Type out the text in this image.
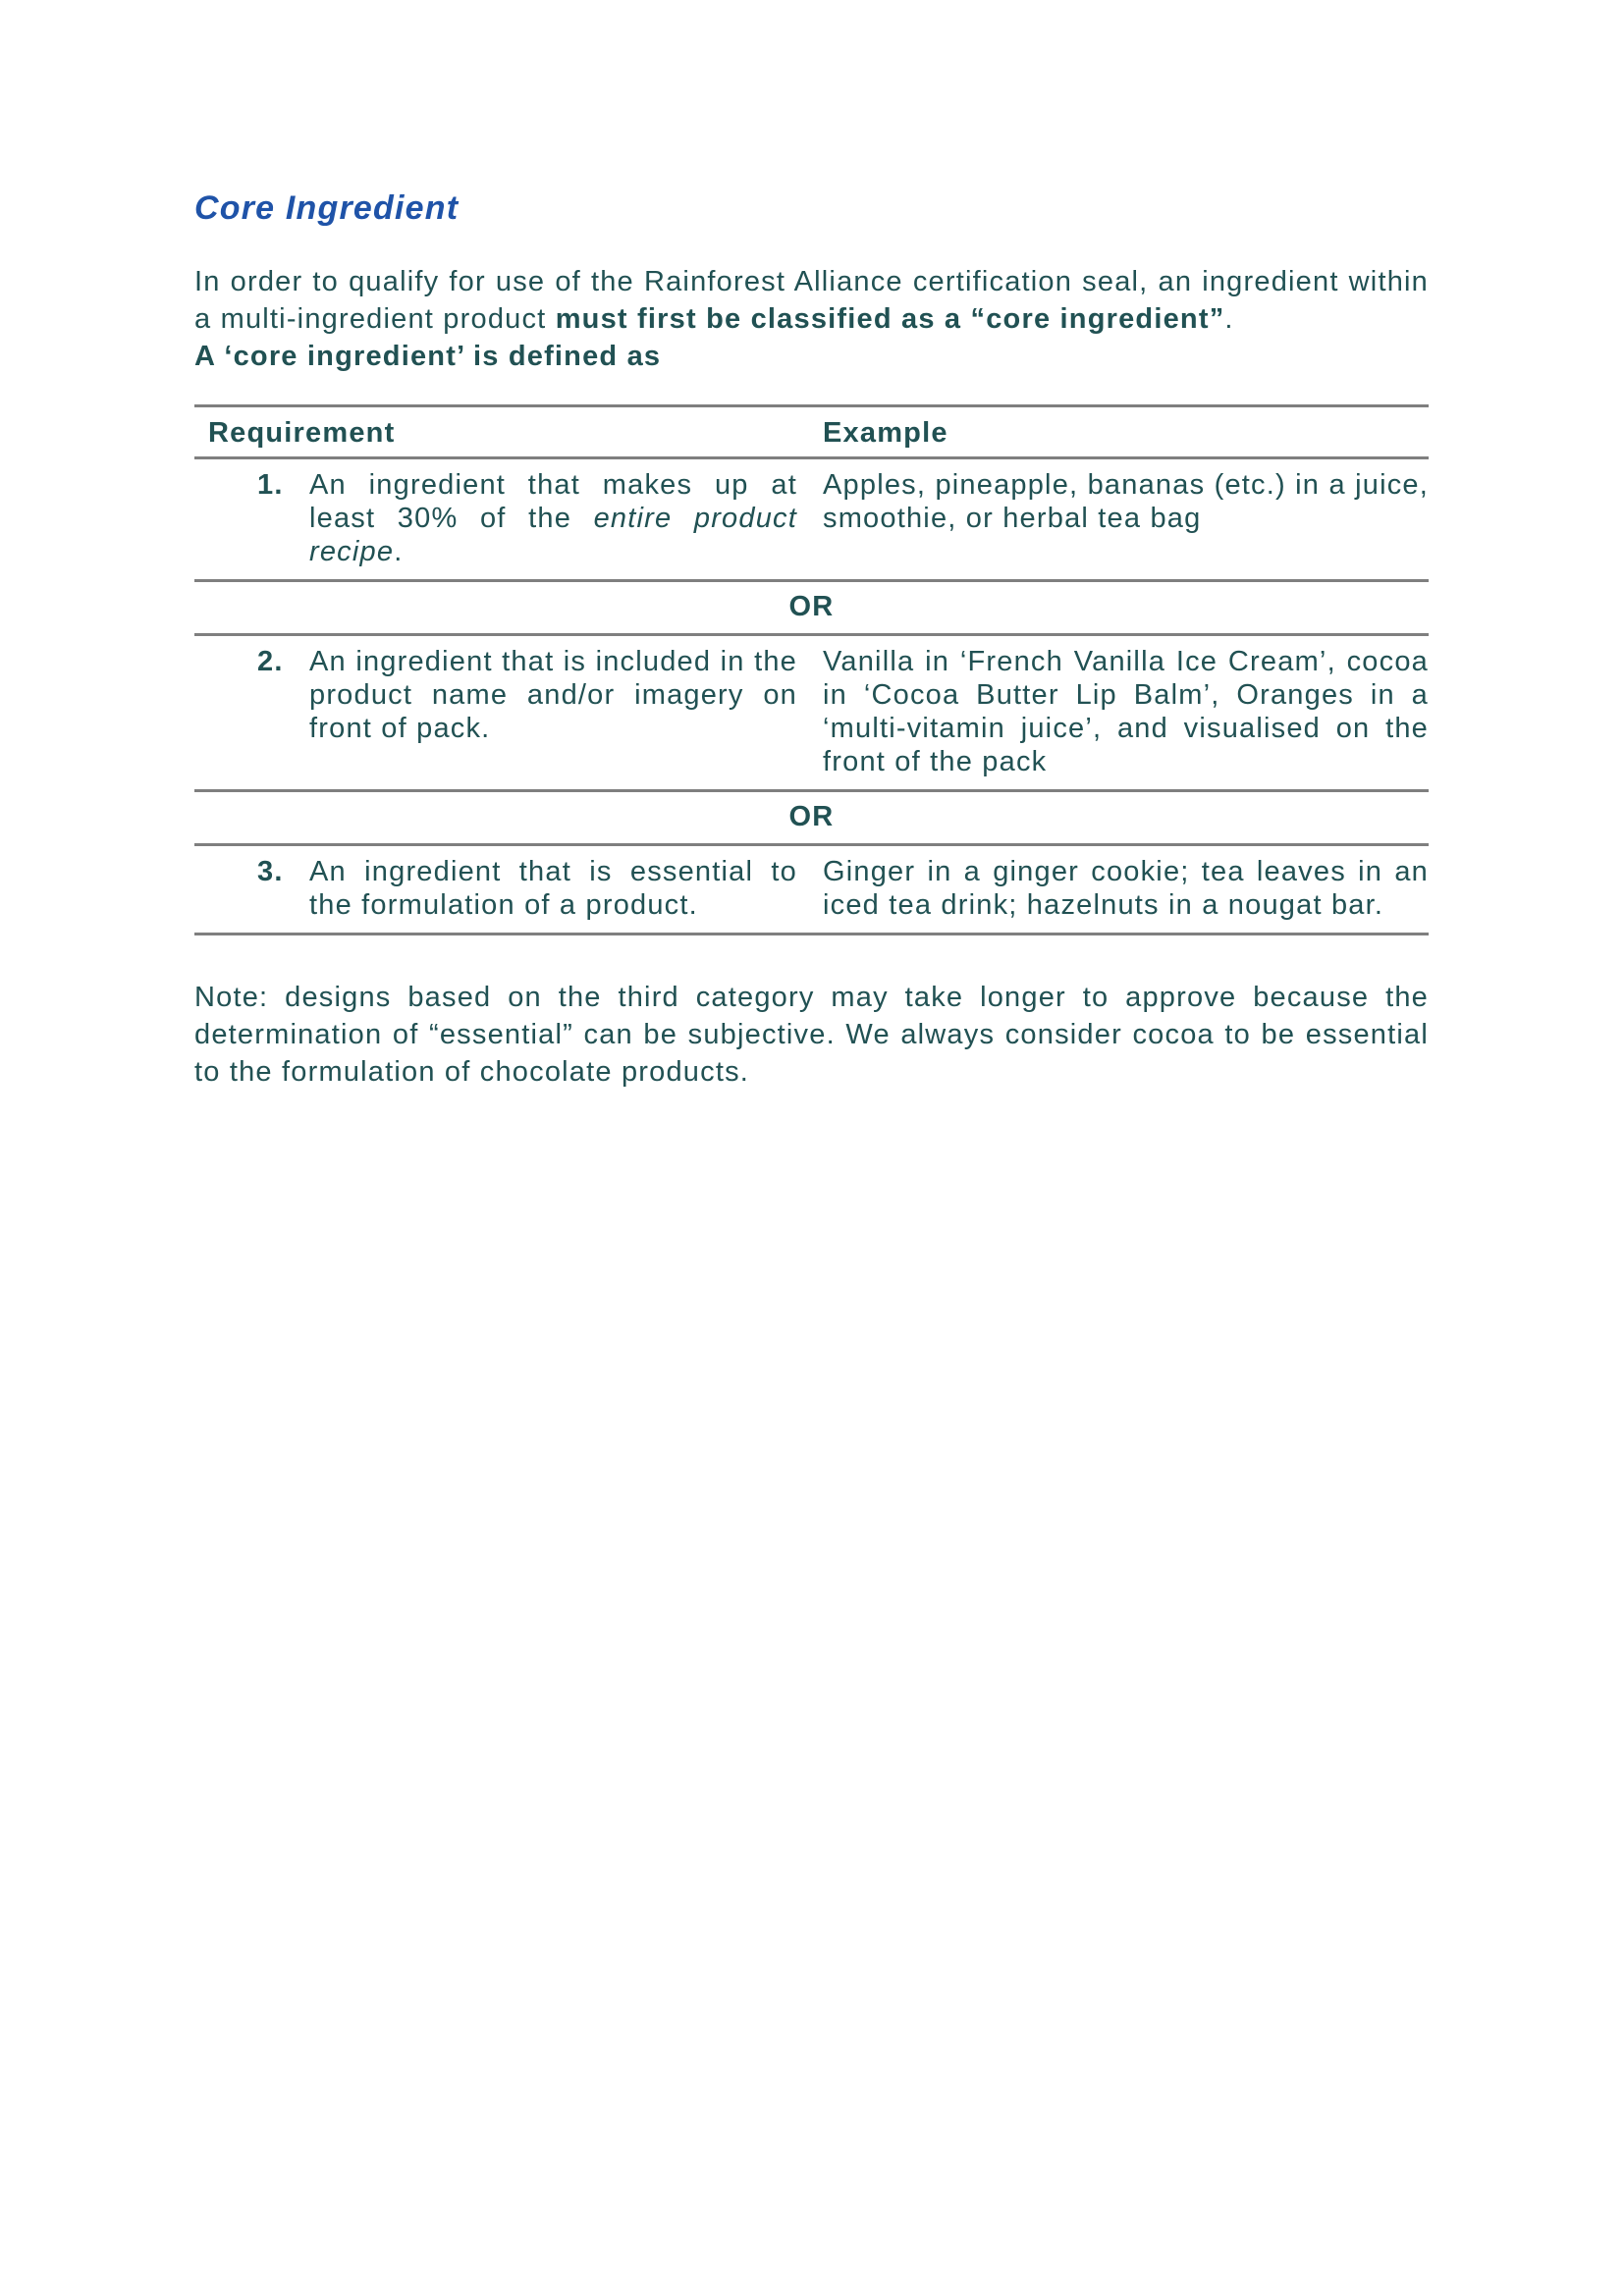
Core Ingredient

In order to qualify for use of the Rainforest Alliance certification seal, an ingredient within a multi-ingredient product must first be classified as a “core ingredient”.

A ‘core ingredient’ is defined as

Requirement	Example
1. An ingredient that makes up at least 30% of the entire product recipe.
Apples, pineapple, bananas (etc.) in a juice, smoothie, or herbal tea bag
OR
2. An ingredient that is included in the product name and/or imagery on front of pack.
Vanilla in ‘French Vanilla Ice Cream’, cocoa in ‘Cocoa Butter Lip Balm’, Oranges in a ‘multi-vitamin juice’, and visualised on the front of the pack
OR
3. An ingredient that is essential to the formulation of a product.
Ginger in a ginger cookie; tea leaves in an iced tea drink; hazelnuts in a nougat bar.

Note: designs based on the third category may take longer to approve because the determination of “essential” can be subjective. We always consider cocoa to be essential to the formulation of chocolate products.
